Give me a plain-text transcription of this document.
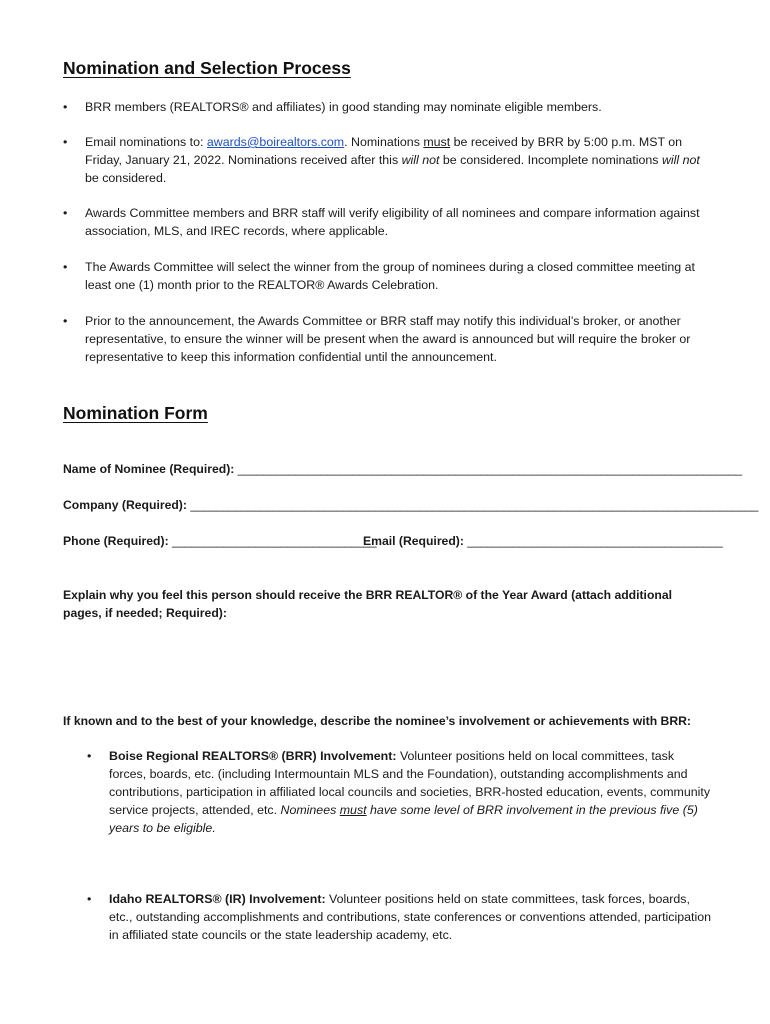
Nomination and Selection Process
• BRR members (REALTORS® and affiliates) in good standing may nominate eligible members.
• Email nominations to: awards@boirealtors.com. Nominations must be received by BRR by 5:00 p.m. MST on Friday, January 21, 2022. Nominations received after this will not be considered. Incomplete nominations will not be considered.
• Awards Committee members and BRR staff will verify eligibility of all nominees and compare information against association, MLS, and IREC records, where applicable.
• The Awards Committee will select the winner from the group of nominees during a closed committee meeting at least one (1) month prior to the REALTOR® Awards Celebration.
• Prior to the announcement, the Awards Committee or BRR staff may notify this individual’s broker, or another representative, to ensure the winner will be present when the award is announced but will require the broker or representative to keep this information confidential until the announcement.
Nomination Form
Name of Nominee (Required): _______________________________________________________________________________
Company (Required): _________________________________________________________________________________________
Phone (Required): ________________________________
Email (Required): ________________________________________
Explain why you feel this person should receive the BRR REALTOR® of the Year Award (attach additional pages, if needed; Required):
If known and to the best of your knowledge, describe the nominee’s involvement or achievements with BRR:
• Boise Regional REALTORS® (BRR) Involvement: Volunteer positions held on local committees, task forces, boards, etc. (including Intermountain MLS and the Foundation), outstanding accomplishments and contributions, participation in affiliated local councils and societies, BRR-hosted education, events, community service projects, attended, etc. Nominees must have some level of BRR involvement in the previous five (5) years to be eligible.
• Idaho REALTORS® (IR) Involvement: Volunteer positions held on state committees, task forces, boards, etc., outstanding accomplishments and contributions, state conferences or conventions attended, participation in affiliated state councils or the state leadership academy, etc.
